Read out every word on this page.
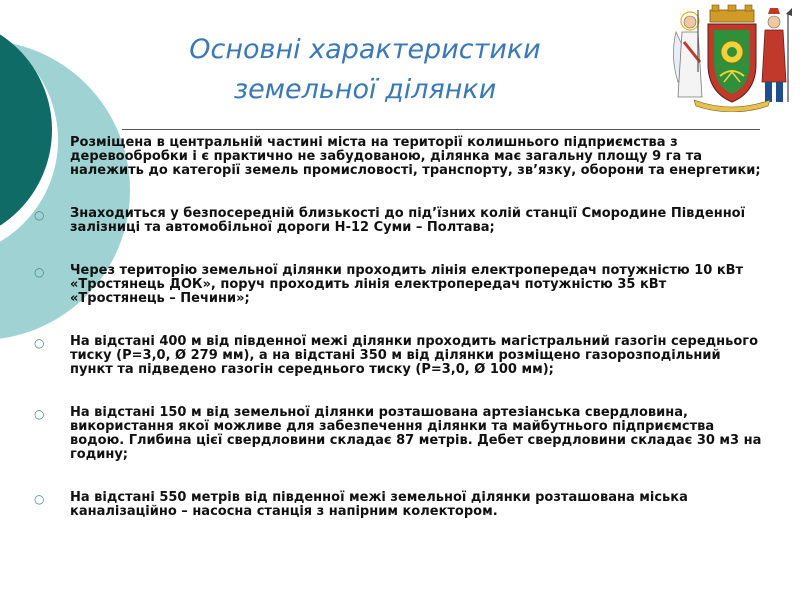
Основні характеристики
земельної ділянки
Розміщена в центральній частині міста на території колишнього підприємства з деревообробки і є практично не забудованою, ділянка має загальну площу 9 га та належить до категорії земель промисловості, транспорту, зв’язку, оборони та енергетики;
○ Знаходиться у безпосередній близькості до під’їзних колій станції Смородине Південної залізниці та автомобільної дороги Н-12 Суми – Полтава;
○ Через територію земельної ділянки проходить лінія електропередач потужністю 10 кВт «Тростянець ДОК», поруч проходить лінія електропередач потужністю 35 кВт «Тростянець – Печини»;
○ На відстані 400 м від південної межі ділянки проходить магістральний газогін середнього тиску (Р=3,0, Ø 279 мм), а на відстані 350 м від ділянки розміщено газорозподільний пункт та підведено газогін середнього тиску (Р=3,0, Ø 100 мм);
○ На відстані 150 м від земельної ділянки розташована артезіанська свердловина, використання якої можливе для забезпечення ділянки та майбутнього підприємства водою. Глибина цієї свердловини складає 87 метрів. Дебет свердловини складає 30 м3 на годину;
○ На відстані 550 метрів від південної межі земельної ділянки розташована міська каналізаційно – насосна станція з напірним колектором.
